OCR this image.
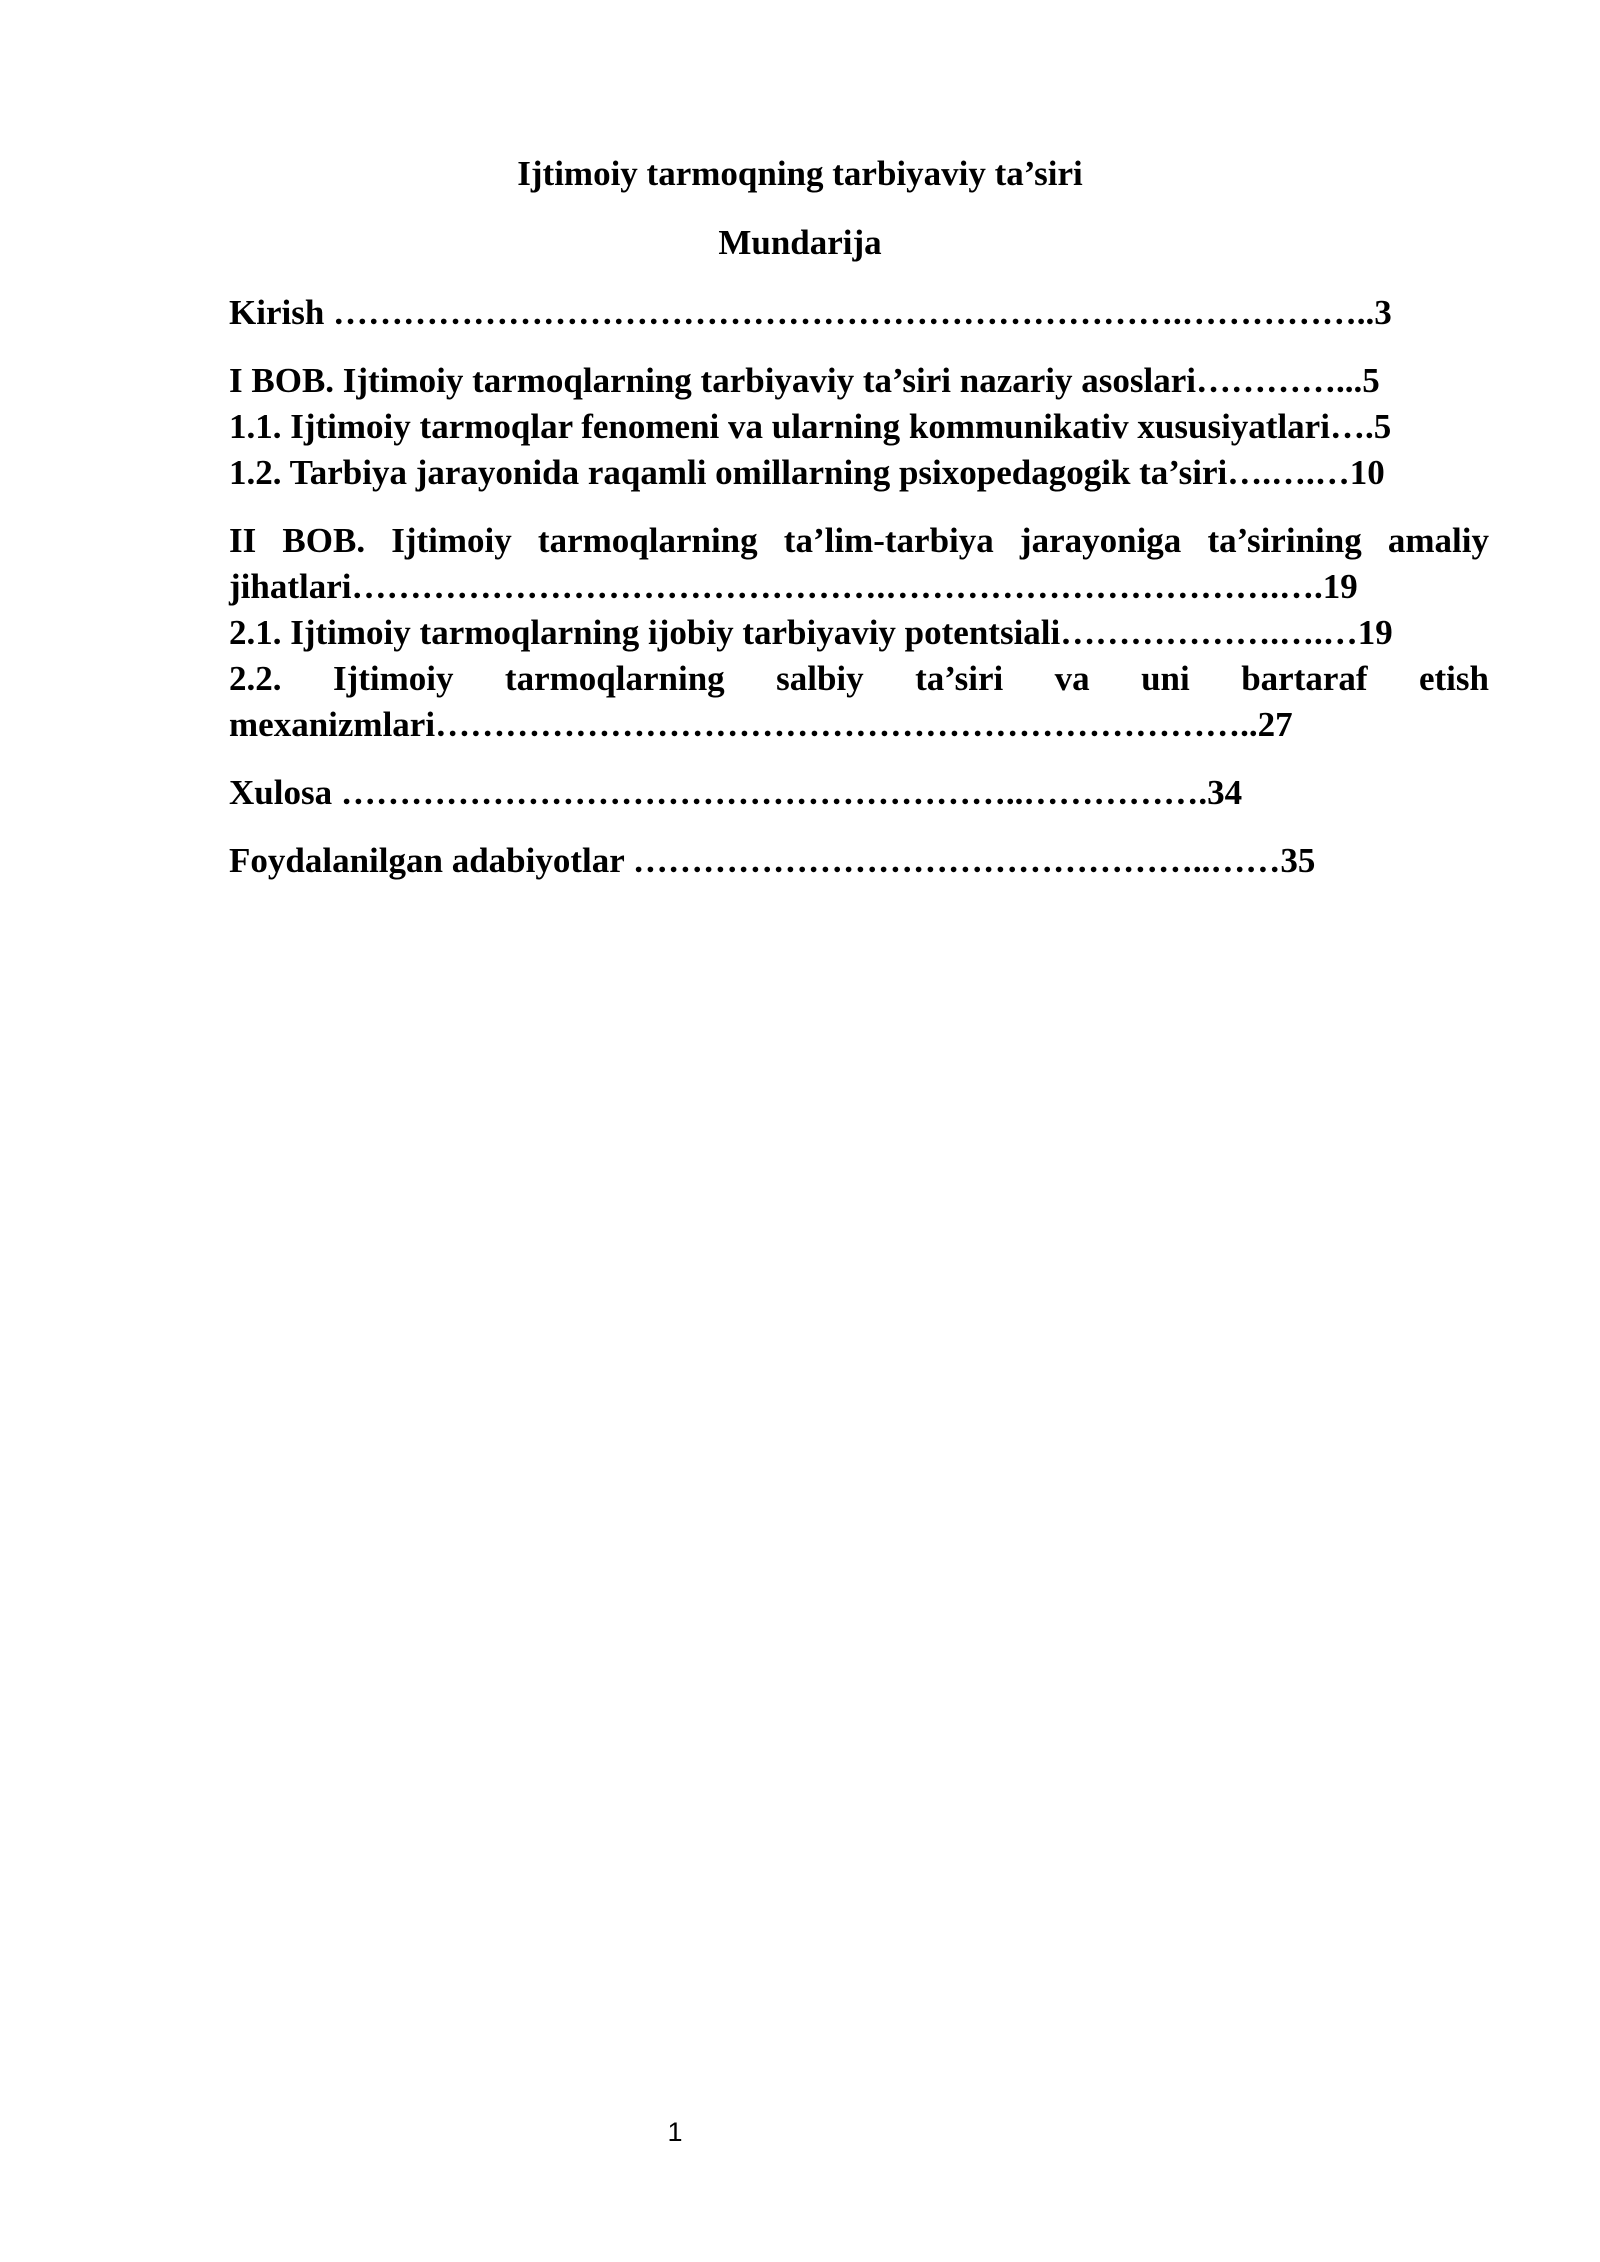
Ijtimoiy tarmoqning tarbiyaviy ta’siri
Mundarija

Kirish ……………………………………………………………….……………..3

I BOB. Ijtimoiy tarmoqlarning tarbiyaviy ta’siri nazariy asoslari…………...5

1.1. Ijtimoiy tarmoqlar fenomeni va ularning kommunikativ xususiyatlari….5

1.2. Tarbiya jarayonida raqamli omillarning psixopedagogik ta’siri….….…10

II BOB. Ijtimoiy tarmoqlarning ta’lim-tarbiya jarayoniga ta’sirining amaliy jihatlari……………………………………….…………………………….….19

2.1. Ijtimoiy tarmoqlarning ijobiy tarbiyaviy potentsiali……………….….…19

2.2. Ijtimoiy tarmoqlarning salbiy ta’siri va uni bartaraf etish mexanizmlari……………………………………………………………..27

Xulosa …………………………………………………..…………….34

Foydalanilgan adabiyotlar …………………………………………..……35

1
